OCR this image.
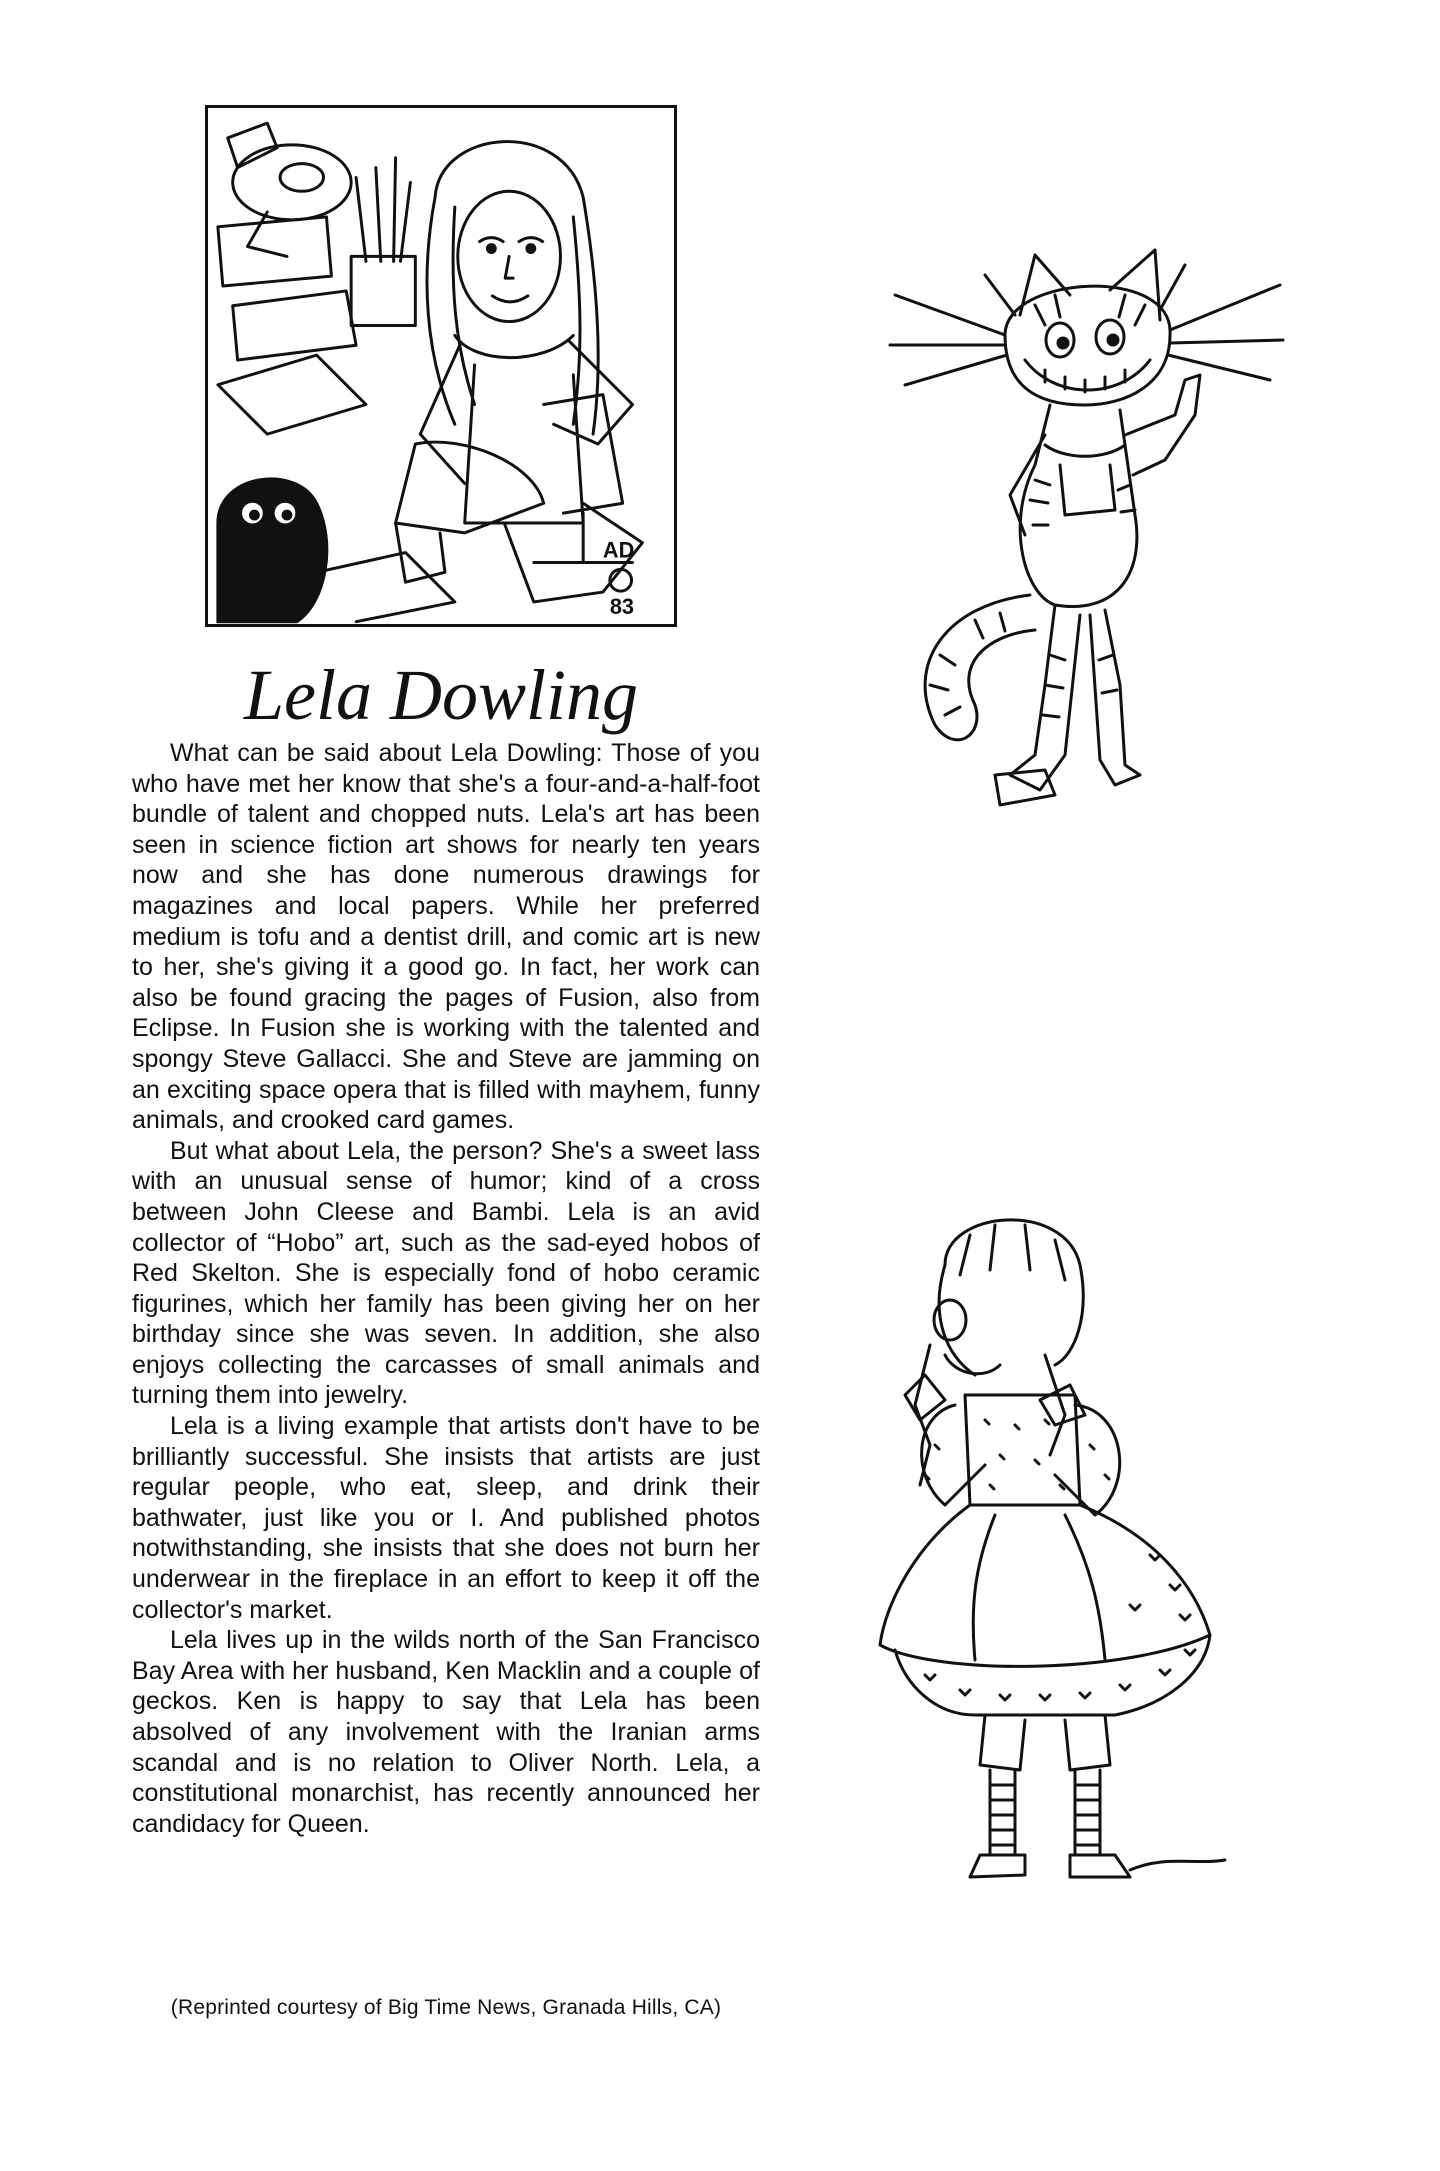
AD
83
Lela Dowling

What can be said about Lela Dowling: Those of you who have met her know that she's a four-and-a-half-foot bundle of talent and chopped nuts. Lela's art has been seen in science fiction art shows for nearly ten years now and she has done numerous drawings for magazines and local papers. While her preferred medium is tofu and a dentist drill, and comic art is new to her, she's giving it a good go. In fact, her work can also be found gracing the pages of Fusion, also from Eclipse. In Fusion she is working with the talented and spongy Steve Gallacci. She and Steve are jamming on an exciting space opera that is filled with mayhem, funny animals, and crooked card games.

But what about Lela, the person? She's a sweet lass with an unusual sense of humor; kind of a cross between John Cleese and Bambi. Lela is an avid collector of “Hobo” art, such as the sad-eyed hobos of Red Skelton. She is especially fond of hobo ceramic figurines, which her family has been giving her on her birthday since she was seven. In addition, she also enjoys collecting the carcasses of small animals and turning them into jewelry.

Lela is a living example that artists don't have to be brilliantly successful. She insists that artists are just regular people, who eat, sleep, and drink their bathwater, just like you or I. And published photos notwithstanding, she insists that she does not burn her underwear in the fireplace in an effort to keep it off the collector's market.

Lela lives up in the wilds north of the San Francisco Bay Area with her husband, Ken Macklin and a couple of geckos. Ken is happy to say that Lela has been absolved of any involvement with the Iranian arms scandal and is no relation to Oliver North. Lela, a constitutional monarchist, has recently announced her candidacy for Queen.

(Reprinted courtesy of Big Time News, Granada Hills, CA)
